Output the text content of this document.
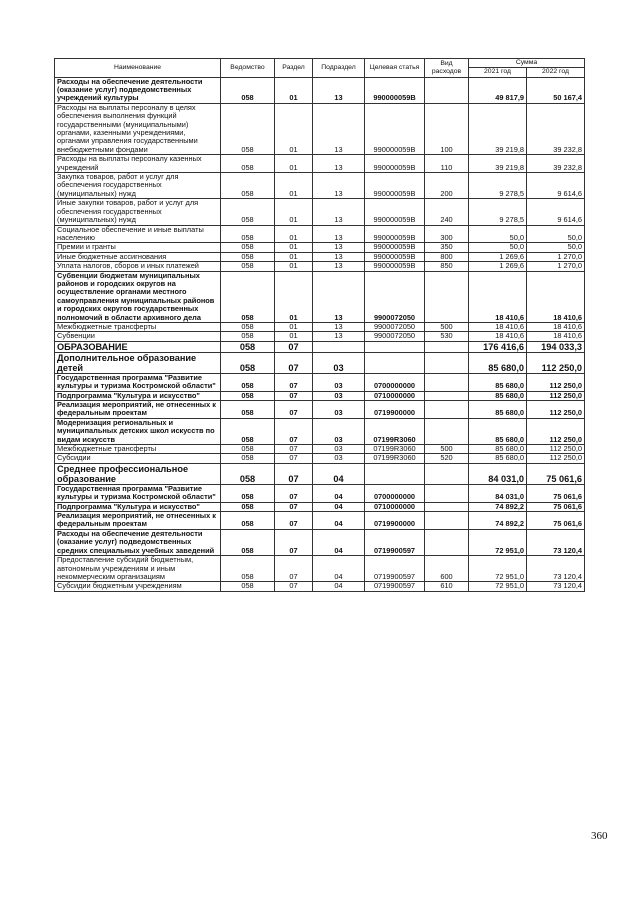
Наименование	Ведомство	Раздел	Подраздел	Целевая статья	Вид расходов	Сумма	
						2021 год	2022 год
Расходы на обеспечение деятельности (оказание услуг) подведомственных учреждений культуры	058	01	13	990000059В		49 817,9	50 167,4
Расходы на выплаты персоналу в целях обеспечения выполнения функций государственными (муниципальными) органами, казенными учреждениями, органами управления государственными внебюджетными фондами	058	01	13	990000059В	100	39 219,8	39 232,8
Расходы на выплаты персоналу казенных учреждений	058	01	13	990000059В	110	39 219,8	39 232,8
Закупка товаров, работ и услуг для обеспечения государственных (муниципальных) нужд	058	01	13	990000059В	200	9 278,5	9 614,6
Иные закупки товаров, работ и услуг для обеспечения государственных (муниципальных) нужд	058	01	13	990000059В	240	9 278,5	9 614,6
Социальное обеспечение и иные выплаты населению	058	01	13	990000059В	300	50,0	50,0
Премии и гранты	058	01	13	990000059В	350	50,0	50,0
Иные бюджетные ассигнования	058	01	13	990000059В	800	1 269,6	1 270,0
Уплата налогов, сборов и иных платежей	058	01	13	990000059В	850	1 269,6	1 270,0
Субвенции бюджетам муниципальных районов и городских округов на осуществление органами местного самоуправления муниципальных районов и городских округов государственных полномочий в области архивного дела	058	01	13	9900072050		18 410,6	18 410,6
Межбюджетные трансферты	058	01	13	9900072050	500	18 410,6	18 410,6
Субвенции	058	01	13	9900072050	530	18 410,6	18 410,6
ОБРАЗОВАНИЕ	058	07				176 416,6	194 033,3
Дополнительное образование детей	058	07	03			85 680,0	112 250,0
Государственная программа "Развитие культуры и туризма Костромской области"	058	07	03	0700000000		85 680,0	112 250,0
Подпрограмма "Культура и искусство"	058	07	03	0710000000		85 680,0	112 250,0
Реализация мероприятий, не отнесенных к федеральным проектам	058	07	03	0719900000		85 680,0	112 250,0
Модернизация региональных и муниципальных детских школ искусств по видам искусств	058	07	03	07199R3060		85 680,0	112 250,0
Межбюджетные трансферты	058	07	03	07199R3060	500	85 680,0	112 250,0
Субсидии	058	07	03	07199R3060	520	85 680,0	112 250,0
Среднее профессиональное образование	058	07	04			84 031,0	75 061,6
Государственная программа "Развитие культуры и туризма Костромской области"	058	07	04	0700000000		84 031,0	75 061,6
Подпрограмма "Культура и искусство"	058	07	04	0710000000		74 892,2	75 061,6
Реализация мероприятий, не отнесенных к федеральным проектам	058	07	04	0719900000		74 892,2	75 061,6
Расходы на обеспечение деятельности (оказание услуг) подведомственных средних специальных учебных заведений	058	07	04	0719900597		72 951,0	73 120,4
Предоставление субсидий бюджетным, автономным учреждениям и иным некоммерческим организациям	058	07	04	0719900597	600	72 951,0	73 120,4
Субсидии бюджетным учреждениям	058	07	04	0719900597	610	72 951,0	73 120,4
360
